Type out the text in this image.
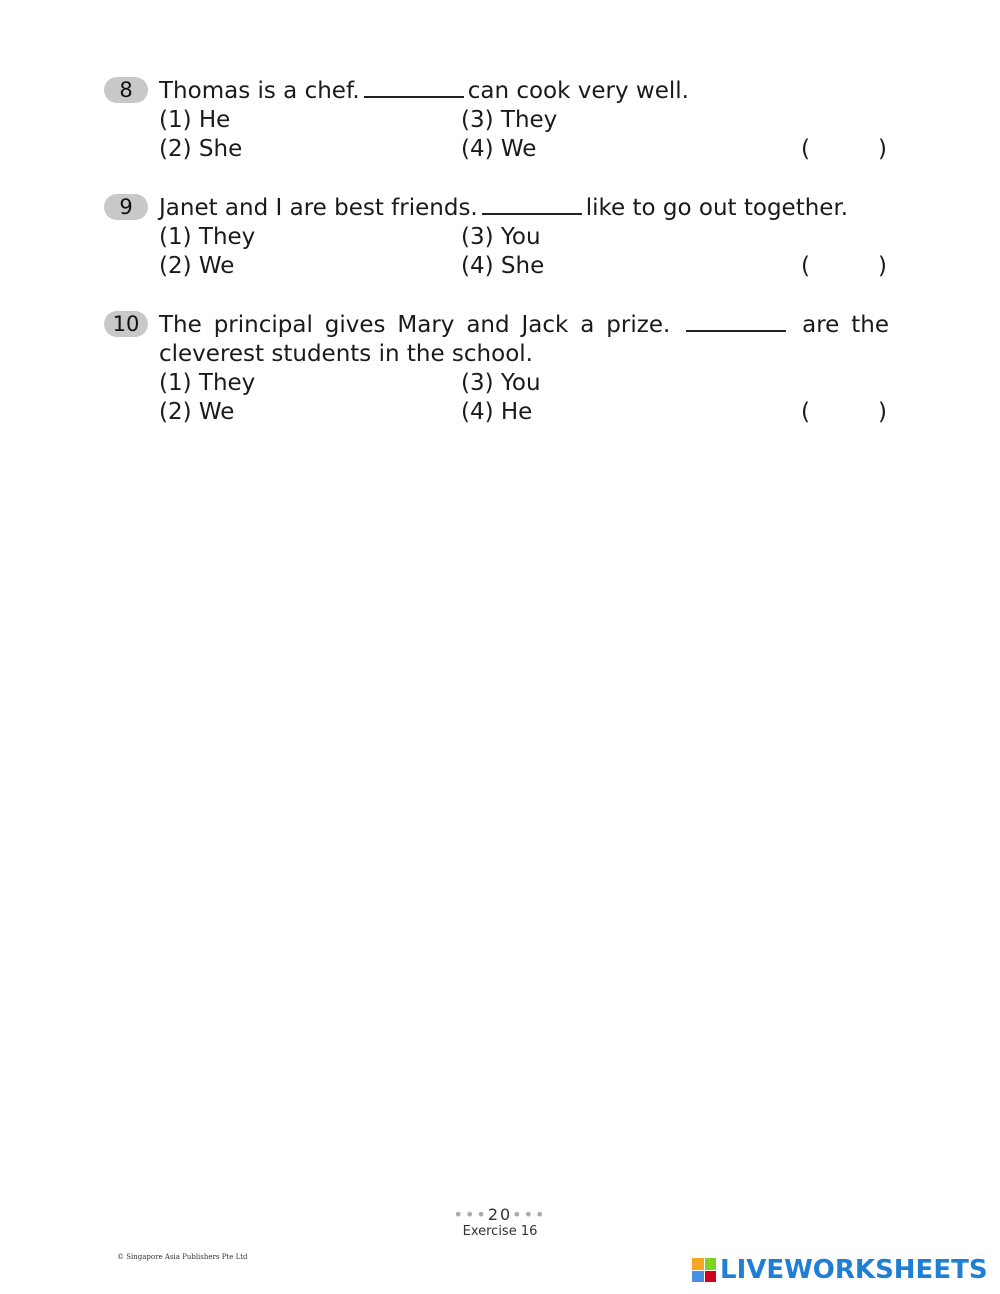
8	Thomas is a chef.	can cook very well.
(1) He	(3) They
(2) She	(4) We	(	)
9	Janet and I are best friends.	like to go out together.
(1) They	(3) You
(2) We	(4) She	(	)
10 The principal gives Mary and Jack a prize.	are the
cleverest students in the school.
(1) They	(3) You
(2) We	(4) He	(	)
•••20•••
Exercise 16
© Singapore Asia Publishers Pte Ltd	LIVEWORKSHEETS
